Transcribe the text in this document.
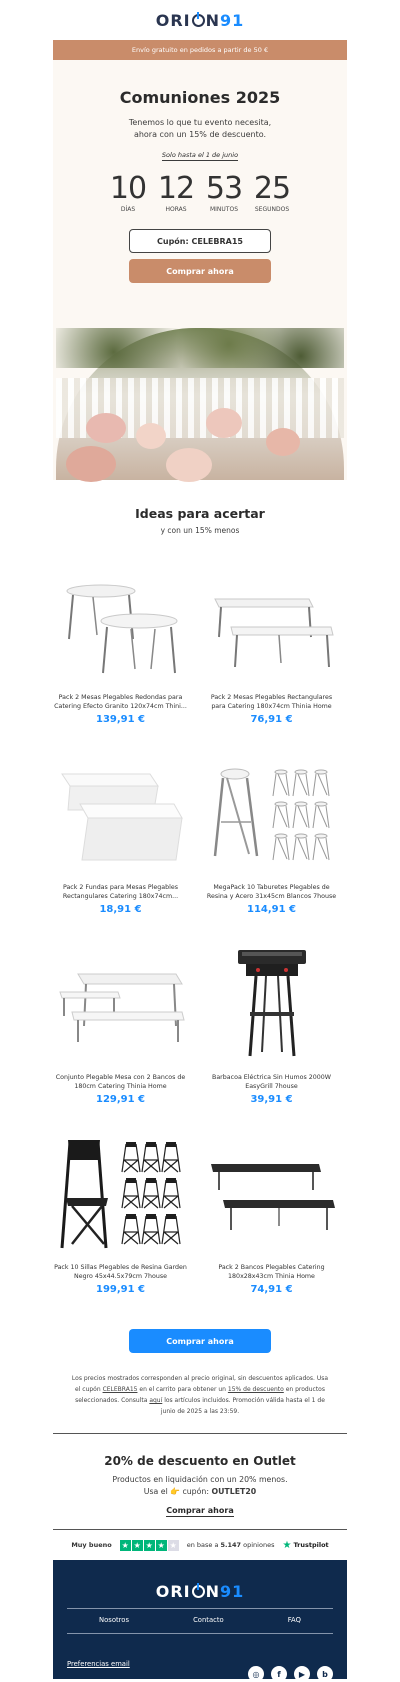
ORI N 91
Envío gratuito en pedidos a partir de 50 €
Comuniones 2025
Tenemos lo que tu evento necesita, ahora con un 15% de descuento.
Solo hasta el 1 de junio
10
DÍAS
12
HORAS
53
MINUTOS
25
SEGUNDOS
Cupón: CELEBRA15
Comprar ahora
Ideas para acertar
y con un 15% menos
Pack 2 Mesas Plegables Redondas para Catering Efecto Granito 120x74cm Thini...
139,91 €
Pack 2 Mesas Plegables Rectangulares para Catering 180x74cm Thinia Home
76,91 €
Pack 2 Fundas para Mesas Plegables Rectangulares Catering 180x74cm...
18,91 €
MegaPack 10 Taburetes Plegables de Resina y Acero 31x45cm Blancos 7house
114,91 €
Conjunto Plegable Mesa con 2 Bancos de 180cm Catering Thinia Home
129,91 €
Barbacoa Eléctrica Sin Humos 2000W EasyGrill 7house
39,91 €
Pack 10 Sillas Plegables de Resina Garden Negro 45x44.5x79cm 7house
199,91 €
Pack 2 Bancos Plegables Catering 180x28x43cm Thinia Home
74,91 €
Comprar ahora
Los precios mostrados corresponden al precio original, sin descuentos aplicados. Usa el cupón CELEBRA15 en el carrito para obtener un 15% de descuento en productos seleccionados. Consulta aquí los artículos incluidos. Promoción válida hasta el 1 de junio de 2025 a las 23:59.
20% de descuento en Outlet
Productos en liquidación con un 20% menos.
Usa el 👉 cupón: OUTLET20
Comprar ahora
Muy bueno ★ ★ ★ ★ ★ en base a 5.147 opiniones ★ Trustpilot
ORI N 91
Nosotros	Contacto	FAQ
Preferencias email
◎	f	▶	b
